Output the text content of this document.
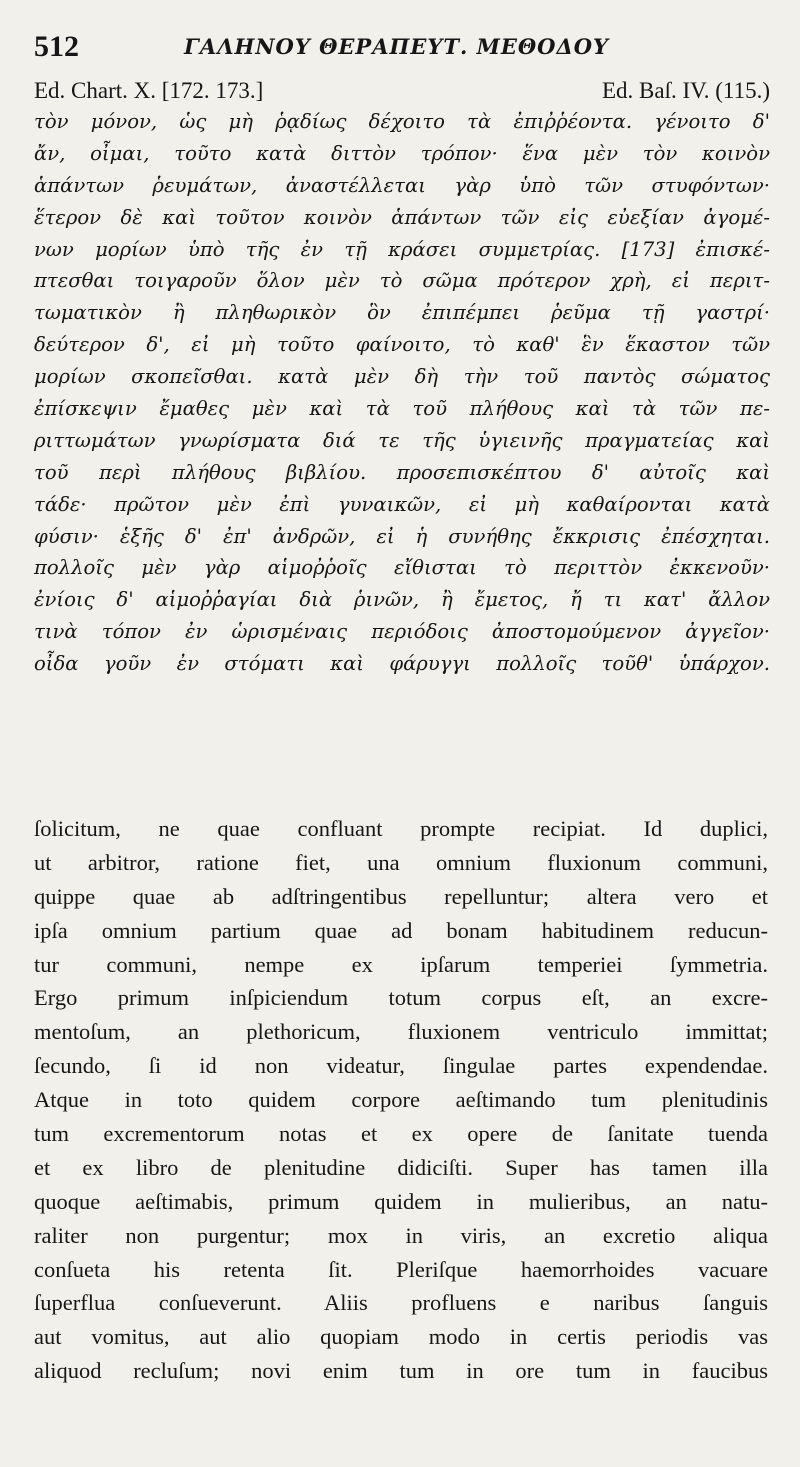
512	ΓΑΛΗΝΟΥ ΘΕΡΑΠΕΥΤ. ΜΕΘΟΔΟΥ
Ed. Chart. X. [172. 173.]	Ed. Baſ. IV. (115.)
τὸν μόνον, ὡς μὴ ῥᾳδίως δέχοιτο τὰ ἐπιῤῥέοντα. γένοιτο δ'
ἄν, οἶμαι, τοῦτο κατὰ διττὸν τρόπον· ἕνα μὲν τὸν κοινὸν
ἁπάντων ῥευμάτων, ἀναστέλλεται γὰρ ὑπὸ τῶν στυφόντων·
ἕτερον δὲ καὶ τοῦτον κοινὸν ἁπάντων τῶν εἰς εὐεξίαν ἀγομέ-
νων μορίων ὑπὸ τῆς ἐν τῇ κράσει συμμετρίας. [173] ἐπισκέ-
πτεσθαι τοιγαροῦν ὅλον μὲν τὸ σῶμα πρότερον χρὴ, εἰ περιτ-
τωματικὸν ἢ πληθωρικὸν ὃν ἐπιπέμπει ῥεῦμα τῇ γαστρί·
δεύτερον δ', εἰ μὴ τοῦτο φαίνοιτο, τὸ καθ' ἓν ἕκαστον τῶν
μορίων σκοπεῖσθαι. κατὰ μὲν δὴ τὴν τοῦ παντὸς σώματος
ἐπίσκεψιν ἔμαθες μὲν καὶ τὰ τοῦ πλήθους καὶ τὰ τῶν πε-
ριττωμάτων γνωρίσματα διά τε τῆς ὑγιεινῆς πραγματείας καὶ
τοῦ περὶ πλήθους βιβλίου. προσεπισκέπτου δ' αὐτοῖς καὶ
τάδε· πρῶτον μὲν ἐπὶ γυναικῶν, εἰ μὴ καθαίρονται κατὰ
φύσιν· ἑξῆς δ' ἐπ' ἀνδρῶν, εἰ ἡ συνήθης ἔκκρισις ἐπέσχηται.
πολλοῖς μὲν γὰρ αἱμοῤῥοῖς εἴθισται τὸ περιττὸν ἐκκενοῦν·
ἐνίοις δ' αἱμοῤῥαγίαι διὰ ῥινῶν, ἢ ἔμετος, ἤ τι κατ' ἄλλον
τινὰ τόπον ἐν ὡρισμέναις περιόδοις ἀποστομούμενον ἀγγεῖον·
οἶδα γοῦν ἐν στόματι καὶ φάρυγγι πολλοῖς τοῦθ' ὑπάρχον.
ſolicitum, ne quae confluant prompte recipiat. Id duplici,
ut arbitror, ratione fiet, una omnium fluxionum communi,
quippe quae ab adſtringentibus repelluntur; altera vero et
ipſa omnium partium quae ad bonam habitudinem reducun-
tur communi, nempe ex ipſarum temperiei ſymmetria.
Ergo primum inſpiciendum totum corpus eſt, an excre-
mentoſum, an plethoricum, fluxionem ventriculo immittat;
ſecundo, ſi id non videatur, ſingulae partes expendendae.
Atque in toto quidem corpore aeſtimando tum plenitudinis
tum excrementorum notas et ex opere de ſanitate tuenda
et ex libro de plenitudine didiciſti. Super has tamen illa
quoque aeſtimabis, primum quidem in mulieribus, an natu-
raliter non purgentur; mox in viris, an excretio aliqua
conſueta his retenta ſit. Pleriſque haemorrhoides vacuare
ſuperflua conſueverunt. Aliis profluens e naribus ſanguis
aut vomitus, aut alio quopiam modo in certis periodis vas
aliquod recluſum; novi enim tum in ore tum in faucibus
